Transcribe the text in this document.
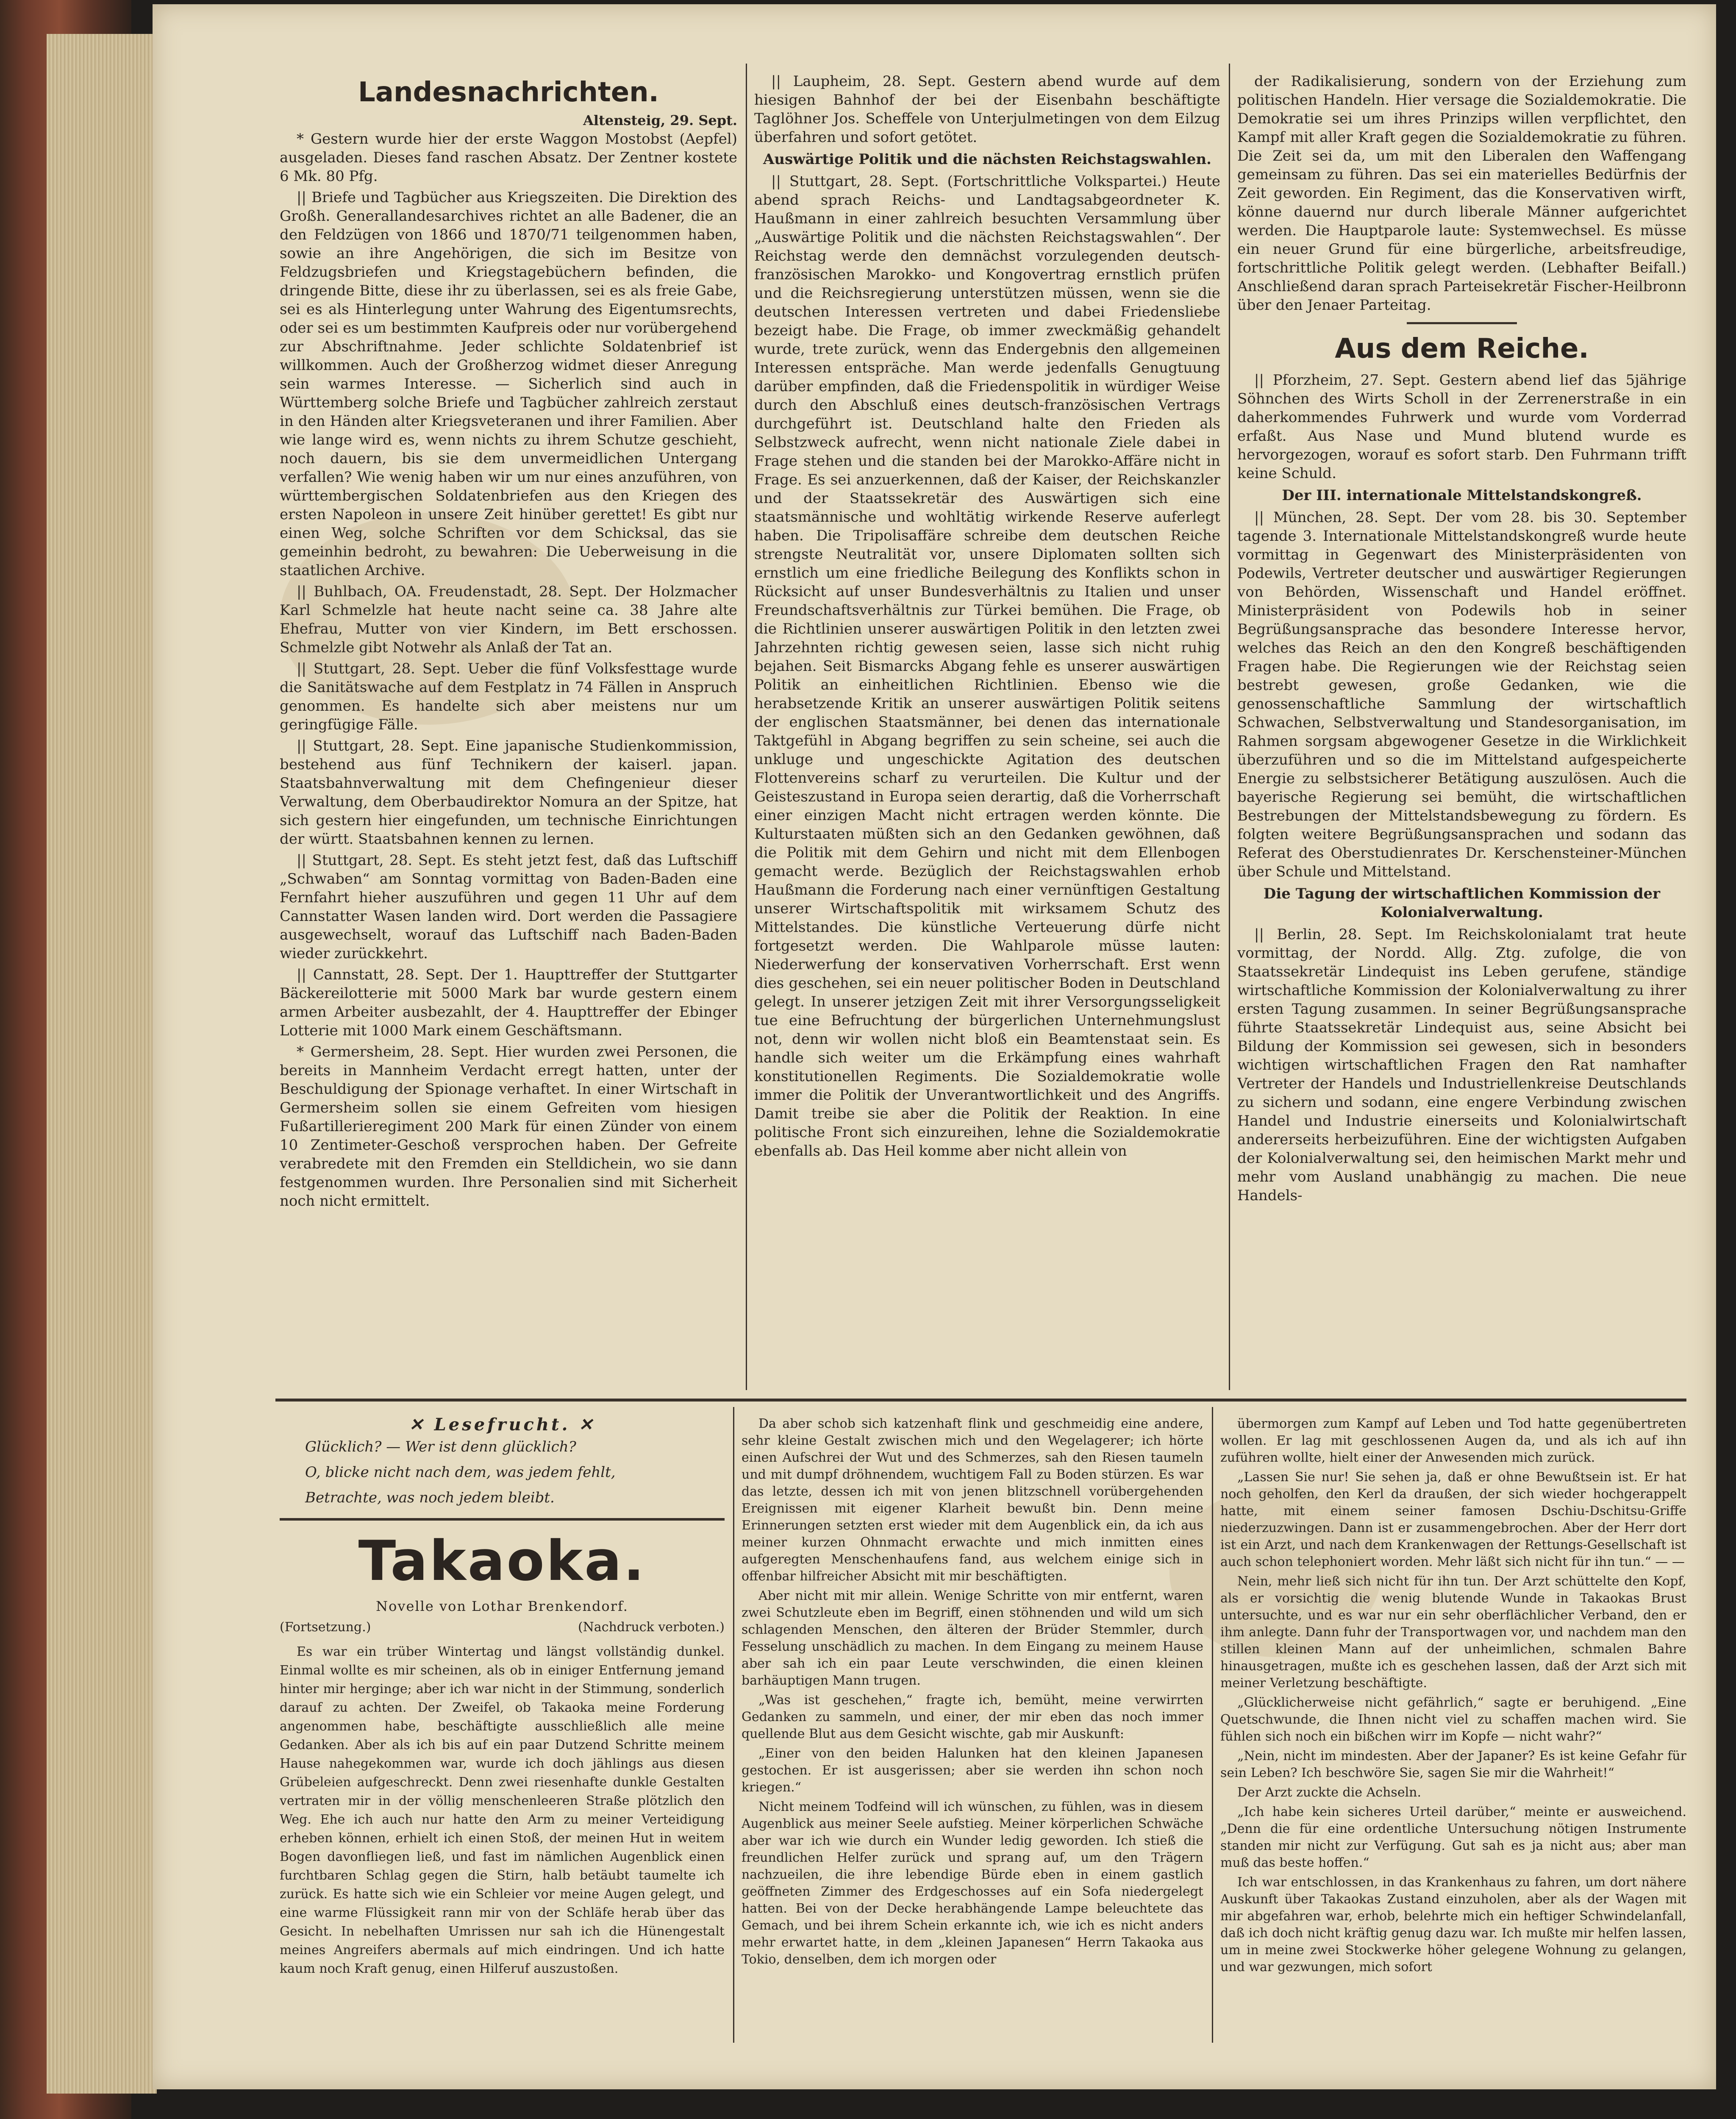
Landesnachrichten.
Altensteig, 29. Sept.

* Gestern wurde hier der erste Waggon Mostobst (Aepfel) ausgeladen. Dieses fand raschen Absatz. Der Zentner kostete 6 Mk. 80 Pfg.

|| Briefe und Tagbücher aus Kriegszeiten. Die Direktion des Großh. Generallandesarchives richtet an alle Badener, die an den Feldzügen von 1866 und 1870/71 teilgenommen haben, sowie an ihre Angehörigen, die sich im Besitze von Feldzugsbriefen und Kriegstagebüchern befinden, die dringende Bitte, diese ihr zu überlassen, sei es als freie Gabe, sei es als Hinterlegung unter Wahrung des Eigentumsrechts, oder sei es um bestimmten Kaufpreis oder nur vorübergehend zur Abschriftnahme. Jeder schlichte Soldatenbrief ist willkommen. Auch der Großherzog widmet dieser Anregung sein warmes Interesse. — Sicherlich sind auch in Württemberg solche Briefe und Tagbücher zahlreich zerstaut in den Händen alter Kriegsveteranen und ihrer Familien. Aber wie lange wird es, wenn nichts zu ihrem Schutze geschieht, noch dauern, bis sie dem unvermeidlichen Untergang verfallen? Wie wenig haben wir um nur eines anzuführen, von württembergischen Soldatenbriefen aus den Kriegen des ersten Napoleon in unsere Zeit hinüber gerettet! Es gibt nur einen Weg, solche Schriften vor dem Schicksal, das sie gemeinhin bedroht, zu bewahren: Die Ueberweisung in die staatlichen Archive.

|| Buhlbach, OA. Freudenstadt, 28. Sept. Der Holzmacher Karl Schmelzle hat heute nacht seine ca. 38 Jahre alte Ehefrau, Mutter von vier Kindern, im Bett erschossen. Schmelzle gibt Notwehr als Anlaß der Tat an.

|| Stuttgart, 28. Sept. Ueber die fünf Volksfesttage wurde die Sanitätswache auf dem Festplatz in 74 Fällen in Anspruch genommen. Es handelte sich aber meistens nur um geringfügige Fälle.

|| Stuttgart, 28. Sept. Eine japanische Studienkommission, bestehend aus fünf Technikern der kaiserl. japan. Staatsbahnverwaltung mit dem Chefingenieur dieser Verwaltung, dem Oberbaudirektor Nomura an der Spitze, hat sich gestern hier eingefunden, um technische Einrichtungen der württ. Staatsbahnen kennen zu lernen.

|| Stuttgart, 28. Sept. Es steht jetzt fest, daß das Luftschiff „Schwaben“ am Sonntag vormittag von Baden-Baden eine Fernfahrt hieher auszuführen und gegen 11 Uhr auf dem Cannstatter Wasen landen wird. Dort werden die Passagiere ausgewechselt, worauf das Luftschiff nach Baden-Baden wieder zurückkehrt.

|| Cannstatt, 28. Sept. Der 1. Haupttreffer der Stuttgarter Bäckereilotterie mit 5000 Mark bar wurde gestern einem armen Arbeiter ausbezahlt, der 4. Haupttreffer der Ebinger Lotterie mit 1000 Mark einem Geschäftsmann.

* Germersheim, 28. Sept. Hier wurden zwei Personen, die bereits in Mannheim Verdacht erregt hatten, unter der Beschuldigung der Spionage verhaftet. In einer Wirtschaft in Germersheim sollen sie einem Gefreiten vom hiesigen Fußartillerieregiment 200 Mark für einen Zünder von einem 10 Zentimeter-Geschoß versprochen haben. Der Gefreite verabredete mit den Fremden ein Stelldichein, wo sie dann festgenommen wurden. Ihre Personalien sind mit Sicherheit noch nicht ermittelt.

|| Laupheim, 28. Sept. Gestern abend wurde auf dem hiesigen Bahnhof der bei der Eisenbahn beschäftigte Taglöhner Jos. Scheffele von Unterjulmetingen von dem Eilzug überfahren und sofort getötet.

Auswärtige Politik und die nächsten Reichstagswahlen.

|| Stuttgart, 28. Sept. (Fortschrittliche Volkspartei.) Heute abend sprach Reichs- und Landtagsabgeordneter K. Haußmann in einer zahlreich besuchten Versammlung über „Auswärtige Politik und die nächsten Reichstagswahlen“. Der Reichstag werde den demnächst vorzulegenden deutsch-französischen Marokko- und Kongovertrag ernstlich prüfen und die Reichsregierung unterstützen müssen, wenn sie die deutschen Interessen vertreten und dabei Friedensliebe bezeigt habe. Die Frage, ob immer zweckmäßig gehandelt wurde, trete zurück, wenn das Endergebnis den allgemeinen Interessen entspräche. Man werde jedenfalls Genugtuung darüber empfinden, daß die Friedenspolitik in würdiger Weise durch den Abschluß eines deutsch-französischen Vertrags durchgeführt ist. Deutschland halte den Frieden als Selbstzweck aufrecht, wenn nicht nationale Ziele dabei in Frage stehen und die standen bei der Marokko-Affäre nicht in Frage. Es sei anzuerkennen, daß der Kaiser, der Reichskanzler und der Staatssekretär des Auswärtigen sich eine staatsmännische und wohltätig wirkende Reserve auferlegt haben. Die Tripolisaffäre schreibe dem deutschen Reiche strengste Neutralität vor, unsere Diplomaten sollten sich ernstlich um eine friedliche Beilegung des Konflikts schon in Rücksicht auf unser Bundesverhältnis zu Italien und unser Freundschaftsverhältnis zur Türkei bemühen. Die Frage, ob die Richtlinien unserer auswärtigen Politik in den letzten zwei Jahrzehnten richtig gewesen seien, lasse sich nicht ruhig bejahen. Seit Bismarcks Abgang fehle es unserer auswärtigen Politik an einheitlichen Richtlinien. Ebenso wie die herabsetzende Kritik an unserer auswärtigen Politik seitens der englischen Staatsmänner, bei denen das internationale Taktgefühl in Abgang begriffen zu sein scheine, sei auch die unkluge und ungeschickte Agitation des deutschen Flottenvereins scharf zu verurteilen. Die Kultur und der Geisteszustand in Europa seien derartig, daß die Vorherrschaft einer einzigen Macht nicht ertragen werden könnte. Die Kulturstaaten müßten sich an den Gedanken gewöhnen, daß die Politik mit dem Gehirn und nicht mit dem Ellenbogen gemacht werde. Bezüglich der Reichstagswahlen erhob Haußmann die Forderung nach einer vernünftigen Gestaltung unserer Wirtschaftspolitik mit wirksamem Schutz des Mittelstandes. Die künstliche Verteuerung dürfe nicht fortgesetzt werden. Die Wahlparole müsse lauten: Niederwerfung der konservativen Vorherrschaft. Erst wenn dies geschehen, sei ein neuer politischer Boden in Deutschland gelegt. In unserer jetzigen Zeit mit ihrer Versorgungsseligkeit tue eine Befruchtung der bürgerlichen Unternehmungslust not, denn wir wollen nicht bloß ein Beamtenstaat sein. Es handle sich weiter um die Erkämpfung eines wahrhaft konstitutionellen Regiments. Die Sozialdemokratie wolle immer die Politik der Unverantwortlichkeit und des Angriffs. Damit treibe sie aber die Politik der Reaktion. In eine politische Front sich einzureihen, lehne die Sozialdemokratie ebenfalls ab. Das Heil komme aber nicht allein von

der Radikalisierung, sondern von der Erziehung zum politischen Handeln. Hier versage die Sozialdemokratie. Die Demokratie sei um ihres Prinzips willen verpflichtet, den Kampf mit aller Kraft gegen die Sozialdemokratie zu führen. Die Zeit sei da, um mit den Liberalen den Waffengang gemeinsam zu führen. Das sei ein materielles Bedürfnis der Zeit geworden. Ein Regiment, das die Konservativen wirft, könne dauernd nur durch liberale Männer aufgerichtet werden. Die Hauptparole laute: Systemwechsel. Es müsse ein neuer Grund für eine bürgerliche, arbeitsfreudige, fortschrittliche Politik gelegt werden. (Lebhafter Beifall.) Anschließend daran sprach Parteisekretär Fischer-Heilbronn über den Jenaer Parteitag.

Aus dem Reiche.

|| Pforzheim, 27. Sept. Gestern abend lief das 5jährige Söhnchen des Wirts Scholl in der Zerrenerstraße in ein daherkommendes Fuhrwerk und wurde vom Vorderrad erfaßt. Aus Nase und Mund blutend wurde es hervorgezogen, worauf es sofort starb. Den Fuhrmann trifft keine Schuld.

Der III. internationale Mittelstandskongreß.

|| München, 28. Sept. Der vom 28. bis 30. September tagende 3. Internationale Mittelstandskongreß wurde heute vormittag in Gegenwart des Ministerpräsidenten von Podewils, Vertreter deutscher und auswärtiger Regierungen von Behörden, Wissenschaft und Handel eröffnet. Ministerpräsident von Podewils hob in seiner Begrüßungsansprache das besondere Interesse hervor, welches das Reich an den den Kongreß beschäftigenden Fragen habe. Die Regierungen wie der Reichstag seien bestrebt gewesen, große Gedanken, wie die genossenschaftliche Sammlung der wirtschaftlich Schwachen, Selbstverwaltung und Standesorganisation, im Rahmen sorgsam abgewogener Gesetze in die Wirklichkeit überzuführen und so die im Mittelstand aufgespeicherte Energie zu selbstsicherer Betätigung auszulösen. Auch die bayerische Regierung sei bemüht, die wirtschaftlichen Bestrebungen der Mittelstandsbewegung zu fördern. Es folgten weitere Begrüßungsansprachen und sodann das Referat des Oberstudienrates Dr. Kerschensteiner-München über Schule und Mittelstand.

Die Tagung der wirtschaftlichen Kommission der Kolonialverwaltung.

|| Berlin, 28. Sept. Im Reichskolonialamt trat heute vormittag, der Nordd. Allg. Ztg. zufolge, die von Staatssekretär Lindequist ins Leben gerufene, ständige wirtschaftliche Kommission der Kolonialverwaltung zu ihrer ersten Tagung zusammen. In seiner Begrüßungsansprache führte Staatssekretär Lindequist aus, seine Absicht bei Bildung der Kommission sei gewesen, sich in besonders wichtigen wirtschaftlichen Fragen den Rat namhafter Vertreter der Handels und Industriellenkreise Deutschlands zu sichern und sodann, eine engere Verbindung zwischen Handel und Industrie einerseits und Kolonialwirtschaft andererseits herbeizuführen. Eine der wichtigsten Aufgaben der Kolonialverwaltung sei, den heimischen Markt mehr und mehr vom Ausland unabhängig zu machen. Die neue Handels-

✕ Lesefrucht. ✕
Glücklich? — Wer ist denn glücklich?
O, blicke nicht nach dem, was jedem fehlt,
Betrachte, was noch jedem bleibt.
Takaoka.
Novelle von Lothar Brenkendorf.
(Fortsetzung.)	(Nachdruck verboten.)

Es war ein trüber Wintertag und längst vollständig dunkel. Einmal wollte es mir scheinen, als ob in einiger Entfernung jemand hinter mir herginge; aber ich war nicht in der Stimmung, sonderlich darauf zu achten. Der Zweifel, ob Takaoka meine Forderung angenommen habe, beschäftigte ausschließlich alle meine Gedanken. Aber als ich bis auf ein paar Dutzend Schritte meinem Hause nahegekommen war, wurde ich doch jählings aus diesen Grübeleien aufgeschreckt. Denn zwei riesenhafte dunkle Gestalten vertraten mir in der völlig menschenleeren Straße plötzlich den Weg. Ehe ich auch nur hatte den Arm zu meiner Verteidigung erheben können, erhielt ich einen Stoß, der meinen Hut in weitem Bogen davonfliegen ließ, und fast im nämlichen Augenblick einen furchtbaren Schlag gegen die Stirn, halb betäubt taumelte ich zurück. Es hatte sich wie ein Schleier vor meine Augen gelegt, und eine warme Flüssigkeit rann mir von der Schläfe herab über das Gesicht. In nebelhaften Umrissen nur sah ich die Hünengestalt meines Angreifers abermals auf mich eindringen. Und ich hatte kaum noch Kraft genug, einen Hilferuf auszustoßen.

Da aber schob sich katzenhaft flink und geschmeidig eine andere, sehr kleine Gestalt zwischen mich und den Wegelagerer; ich hörte einen Aufschrei der Wut und des Schmerzes, sah den Riesen taumeln und mit dumpf dröhnendem, wuchtigem Fall zu Boden stürzen. Es war das letzte, dessen ich mit von jenen blitzschnell vorübergehenden Ereignissen mit eigener Klarheit bewußt bin. Denn meine Erinnerungen setzten erst wieder mit dem Augenblick ein, da ich aus meiner kurzen Ohnmacht erwachte und mich inmitten eines aufgeregten Menschenhaufens fand, aus welchem einige sich in offenbar hilfreicher Absicht mit mir beschäftigten.

Aber nicht mit mir allein. Wenige Schritte von mir entfernt, waren zwei Schutzleute eben im Begriff, einen stöhnenden und wild um sich schlagenden Menschen, den älteren der Brüder Stemmler, durch Fesselung unschädlich zu machen. In dem Eingang zu meinem Hause aber sah ich ein paar Leute verschwinden, die einen kleinen barhäuptigen Mann trugen.

„Was ist geschehen,“ fragte ich, bemüht, meine verwirrten Gedanken zu sammeln, und einer, der mir eben das noch immer quellende Blut aus dem Gesicht wischte, gab mir Auskunft:

„Einer von den beiden Halunken hat den kleinen Japanesen gestochen. Er ist ausgerissen; aber sie werden ihn schon noch kriegen.“

Nicht meinem Todfeind will ich wünschen, zu fühlen, was in diesem Augenblick aus meiner Seele aufstieg. Meiner körperlichen Schwäche aber war ich wie durch ein Wunder ledig geworden. Ich stieß die freundlichen Helfer zurück und sprang auf, um den Trägern nachzueilen, die ihre lebendige Bürde eben in einem gastlich geöffneten Zimmer des Erdgeschosses auf ein Sofa niedergelegt hatten. Bei von der Decke herabhängende Lampe beleuchtete das Gemach, und bei ihrem Schein erkannte ich, wie ich es nicht anders mehr erwartet hatte, in dem „kleinen Japanesen“ Herrn Takaoka aus Tokio, denselben, dem ich morgen oder

übermorgen zum Kampf auf Leben und Tod hatte gegenübertreten wollen. Er lag mit geschlossenen Augen da, und als ich auf ihn zuführen wollte, hielt einer der Anwesenden mich zurück.

„Lassen Sie nur! Sie sehen ja, daß er ohne Bewußtsein ist. Er hat noch geholfen, den Kerl da draußen, der sich wieder hochgerappelt hatte, mit einem seiner famosen Dschiu-Dschitsu-Griffe niederzuzwingen. Dann ist er zusammengebrochen. Aber der Herr dort ist ein Arzt, und nach dem Krankenwagen der Rettungs-Gesellschaft ist auch schon telephoniert worden. Mehr läßt sich nicht für ihn tun.“ — —

Nein, mehr ließ sich nicht für ihn tun. Der Arzt schüttelte den Kopf, als er vorsichtig die wenig blutende Wunde in Takaokas Brust untersuchte, und es war nur ein sehr oberflächlicher Verband, den er ihm anlegte. Dann fuhr der Transportwagen vor, und nachdem man den stillen kleinen Mann auf der unheimlichen, schmalen Bahre hinausgetragen, mußte ich es geschehen lassen, daß der Arzt sich mit meiner Verletzung beschäftigte.

„Glücklicherweise nicht gefährlich,“ sagte er beruhigend. „Eine Quetschwunde, die Ihnen nicht viel zu schaffen machen wird. Sie fühlen sich noch ein bißchen wirr im Kopfe — nicht wahr?“

„Nein, nicht im mindesten. Aber der Japaner? Es ist keine Gefahr für sein Leben? Ich beschwöre Sie, sagen Sie mir die Wahrheit!“

Der Arzt zuckte die Achseln.

„Ich habe kein sicheres Urteil darüber,“ meinte er ausweichend. „Denn die für eine ordentliche Untersuchung nötigen Instrumente standen mir nicht zur Verfügung. Gut sah es ja nicht aus; aber man muß das beste hoffen.“

Ich war entschlossen, in das Krankenhaus zu fahren, um dort nähere Auskunft über Takaokas Zustand einzuholen, aber als der Wagen mit mir abgefahren war, erhob, belehrte mich ein heftiger Schwindelanfall, daß ich doch nicht kräftig genug dazu war. Ich mußte mir helfen lassen, um in meine zwei Stockwerke höher gelegene Wohnung zu gelangen, und war gezwungen, mich sofort
